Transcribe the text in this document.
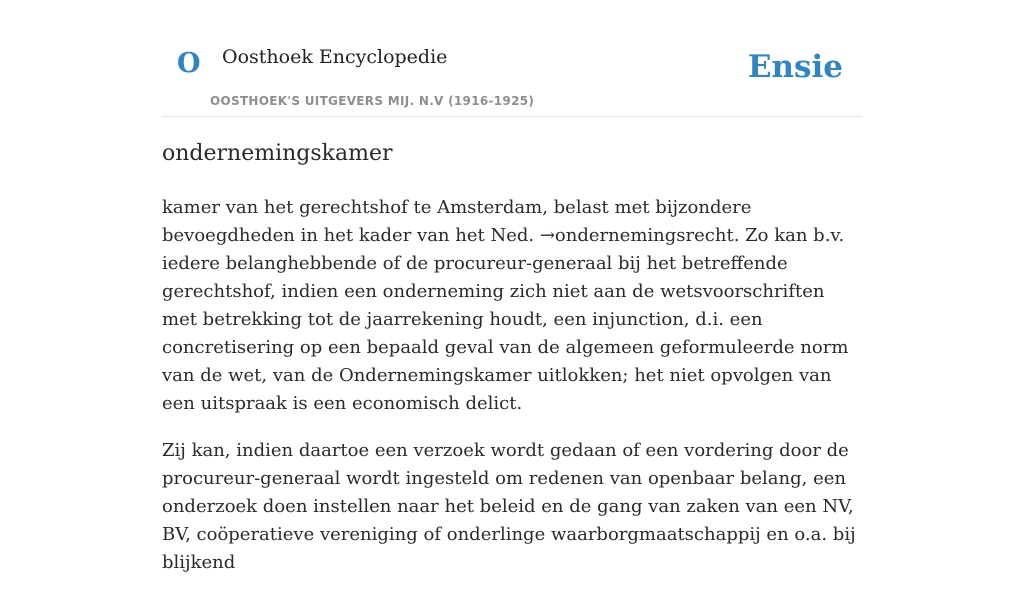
O Oosthoek Encyclopedie
OOSTHOEK'S UITGEVERS MIJ. N.V (1916-1925)
Ensie
ondernemingskamer

kamer van het gerechtshof te Amsterdam, belast met bijzondere bevoegdheden in het kader van het Ned. →ondernemingsrecht. Zo kan b.v. iedere belanghebbende of de procureur-generaal bij het betreffende gerechtshof, indien een onderneming zich niet aan de wetsvoorschriften met betrekking tot de jaarrekening houdt, een injunction, d.i. een concretisering op een bepaald geval van de algemeen geformuleerde norm van de wet, van de Ondernemingskamer uitlokken; het niet opvolgen van een uitspraak is een economisch delict.

Zij kan, indien daartoe een verzoek wordt gedaan of een vordering door de procureur-generaal wordt ingesteld om redenen van openbaar belang, een onderzoek doen instellen naar het beleid en de gang van zaken van een NV, BV, coöperatieve vereniging of onderlinge waarborgmaatschappij en o.a. bij blijkend
